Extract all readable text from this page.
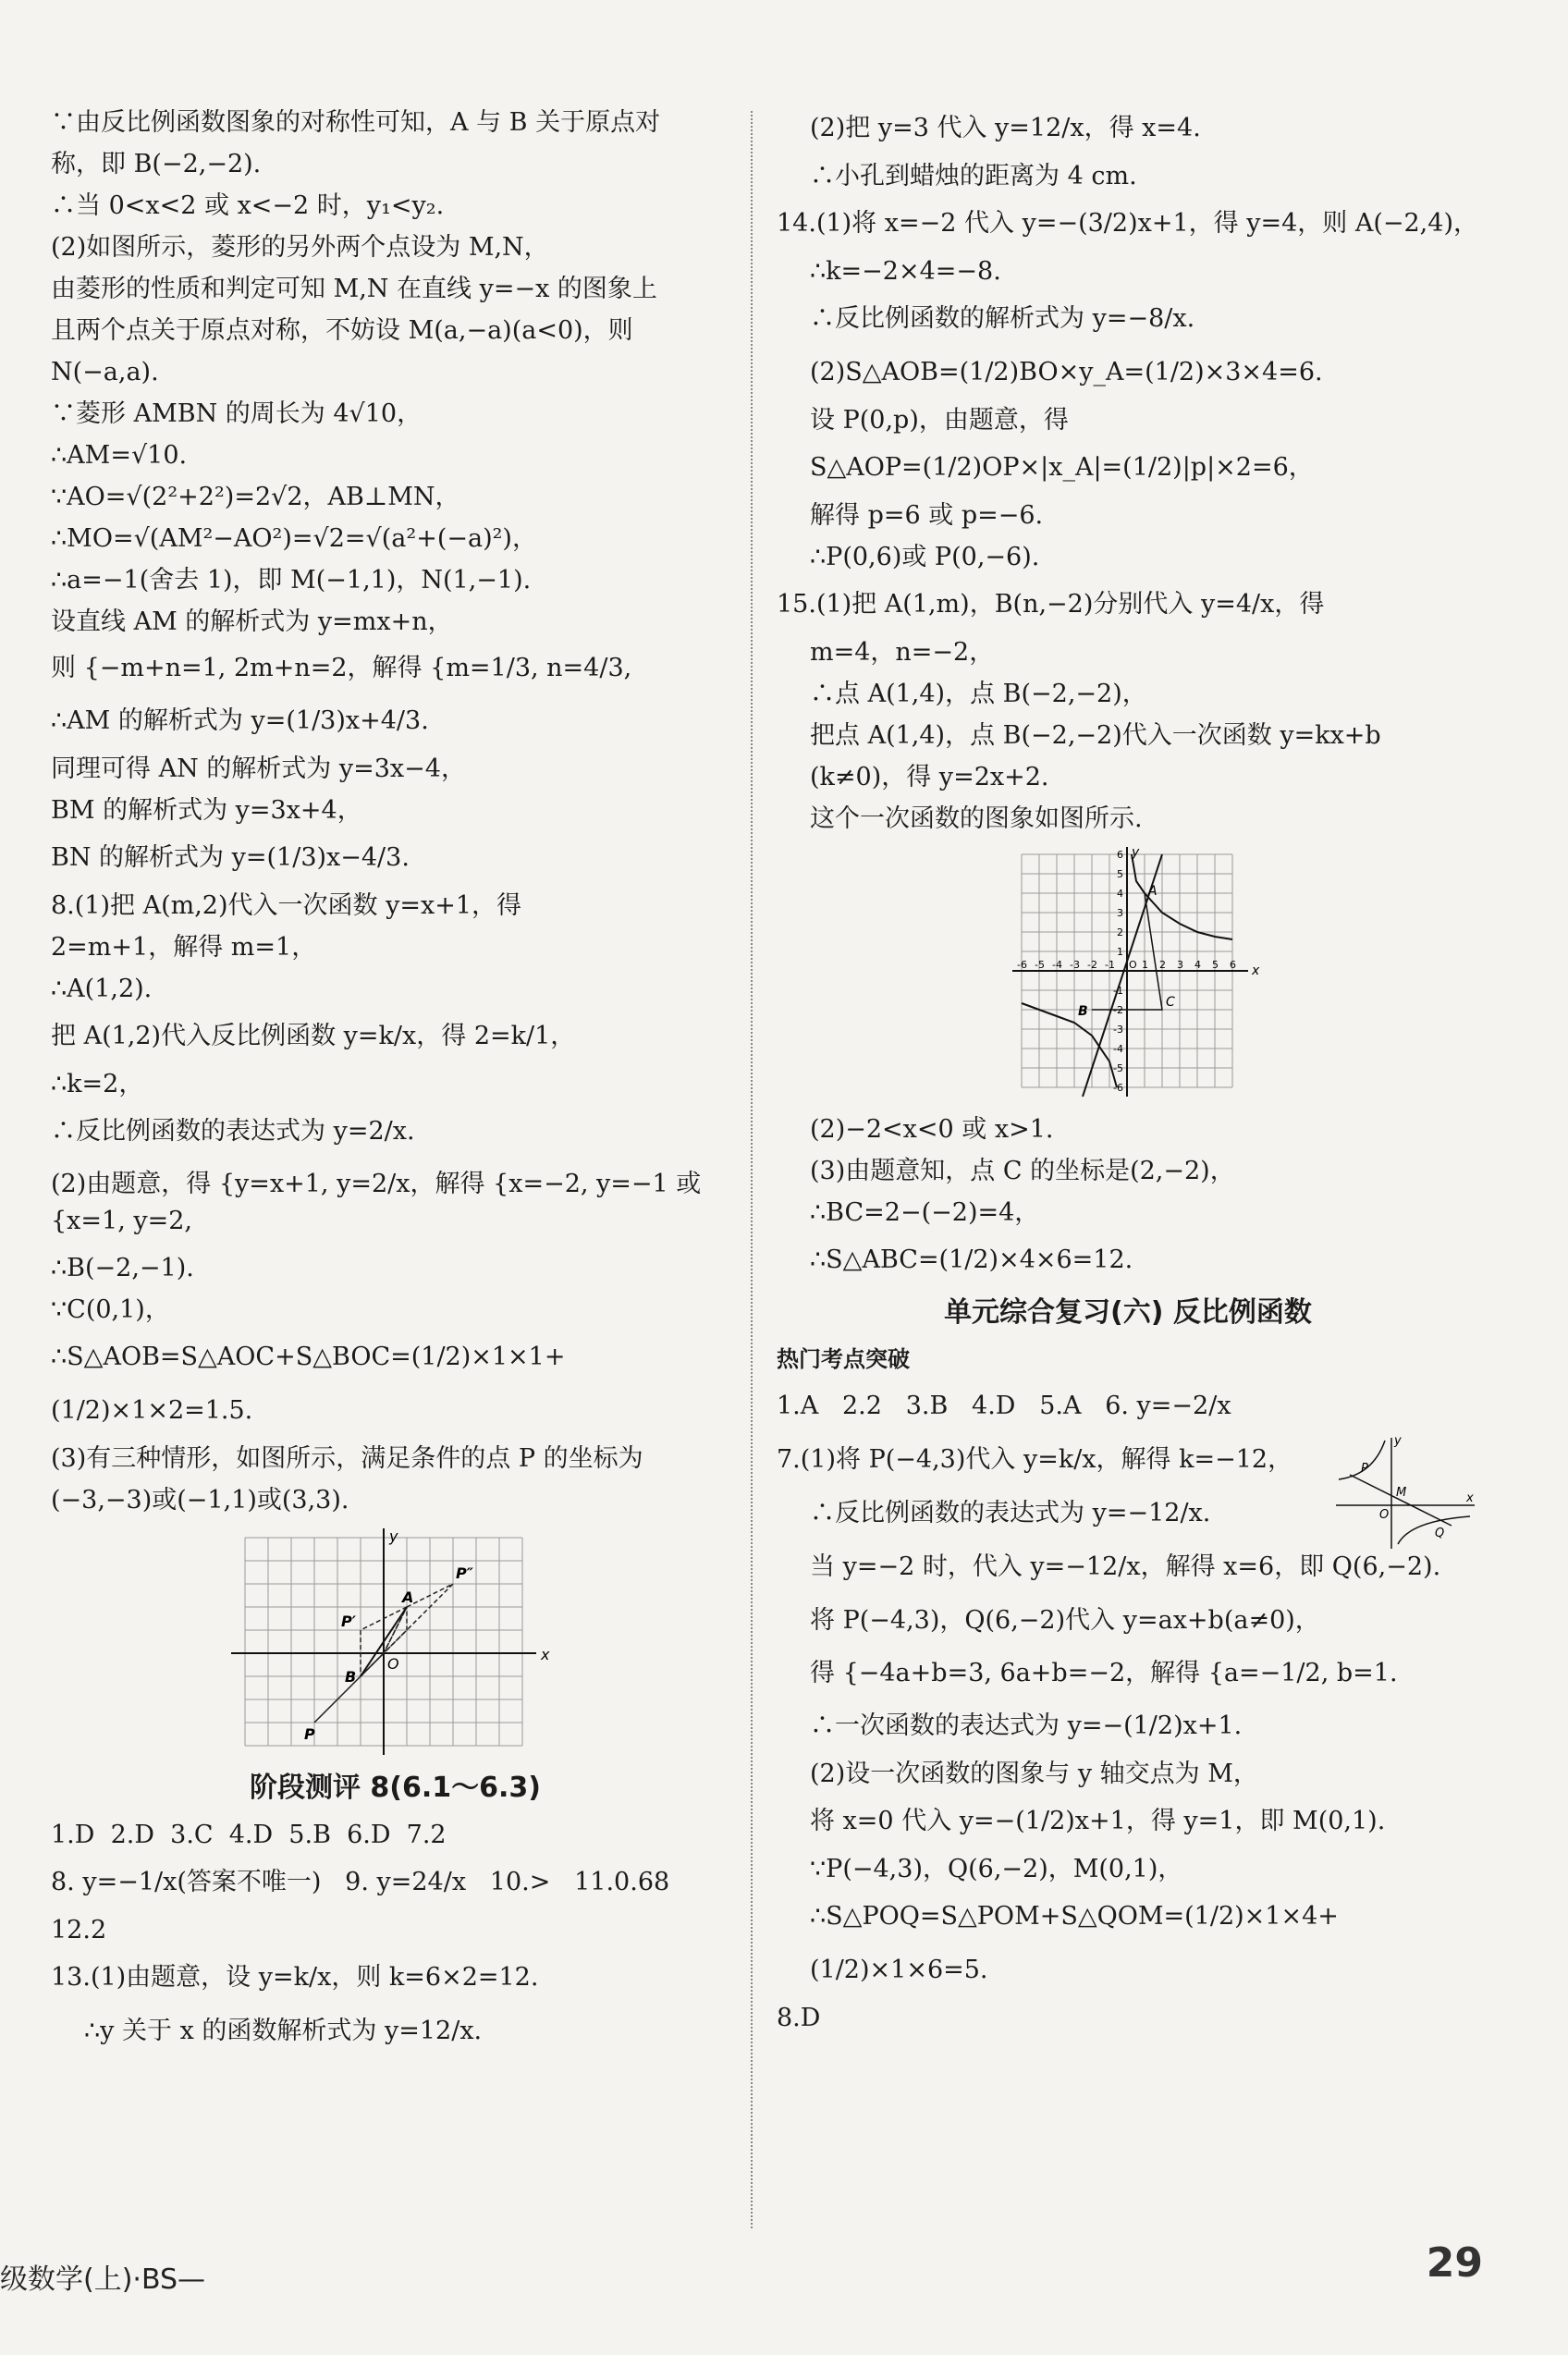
∵由反比例函数图象的对称性可知，A 与 B 关于原点对
称，即 B(−2,−2).
∴当 0<x<2 或 x<−2 时，y₁<y₂.
(2)如图所示，菱形的另外两个点设为 M,N，
由菱形的性质和判定可知 M,N 在直线 y=−x 的图象上
且两个点关于原点对称，不妨设 M(a,−a)(a<0)，则
N(−a,a).
∵菱形 AMBN 的周长为 4√10，
∴AM=√10.
∵AO=√(2²+2²)=2√2，AB⊥MN，
∴MO=√(AM²−AO²)=√2=√(a²+(−a)²)，
∴a=−1(舍去 1)，即 M(−1,1)，N(1,−1).
设直线 AM 的解析式为 y=mx+n，
则 {−m+n=1, 2m+n=2，解得 {m=1/3, n=4/3,
∴AM 的解析式为 y=(1/3)x+4/3.
同理可得 AN 的解析式为 y=3x−4，
BM 的解析式为 y=3x+4，
BN 的解析式为 y=(1/3)x−4/3.
8.(1)把 A(m,2)代入一次函数 y=x+1，得
2=m+1，解得 m=1，
∴A(1,2).
把 A(1,2)代入反比例函数 y=k/x，得 2=k/1，
∴k=2，
∴反比例函数的表达式为 y=2/x.
(2)由题意，得 {y=x+1, y=2/x，解得 {x=−2, y=−1 或 {x=1, y=2,
∴B(−2,−1).
∵C(0,1)，
∴S△AOB=S△AOC+S△BOC=(1/2)×1×1+(1/2)×1×2=1.5.
(3)有三种情形，如图所示，满足条件的点 P 的坐标为
(−3,−3)或(−1,1)或(3,3).
y
x
O
A
B
P
P′
P″
阶段测评 8(6.1～6.3)
1.D  2.D  3.C  4.D  5.B  6.D  7.2
8. y=−1/x(答案不唯一)   9. y=24/x   10.>   11.0.68
12.2
13.(1)由题意，设 y=k/x，则 k=6×2=12.
∴y 关于 x 的函数解析式为 y=12/x.
(2)把 y=3 代入 y=12/x，得 x=4.
∴小孔到蜡烛的距离为 4 cm.
14.(1)将 x=−2 代入 y=−(3/2)x+1，得 y=4，则 A(−2,4)，
∴k=−2×4=−8.
∴反比例函数的解析式为 y=−8/x.
(2)S△AOB=(1/2)BO×y_A=(1/2)×3×4=6.
设 P(0,p)，由题意，得
S△AOP=(1/2)OP×|x_A|=(1/2)|p|×2=6，
解得 p=6 或 p=−6.
∴P(0,6)或 P(0,−6).
15.(1)把 A(1,m)，B(n,−2)分别代入 y=4/x，得
m=4，n=−2，
∴点 A(1,4)，点 B(−2,−2)，
把点 A(1,4)，点 B(−2,−2)代入一次函数 y=kx+b
(k≠0)，得 y=2x+2.
这个一次函数的图象如图所示.
x
y
A
B
C
-6 -5 -4 -3 -2 -1 O 1 2 3 4 5 6
6
5
4
3
2
1
-1
-2
-3
-4
-5
-6
(2)−2<x<0 或 x>1.
(3)由题意知，点 C 的坐标是(2,−2)，
∴BC=2−(−2)=4，
∴S△ABC=(1/2)×4×6=12.
单元综合复习(六) 反比例函数
热门考点突破
1.A   2.2   3.B   4.D   5.A   6. y=−2/x
7.(1)将 P(−4,3)代入 y=k/x，解得 k=−12，
∴反比例函数的表达式为 y=−12/x.
y
x
O
P
M
Q
当 y=−2 时，代入 y=−12/x，解得 x=6，即 Q(6,−2).
将 P(−4,3)，Q(6,−2)代入 y=ax+b(a≠0)，
得 {−4a+b=3, 6a+b=−2，解得 {a=−1/2, b=1.
∴一次函数的表达式为 y=−(1/2)x+1.
(2)设一次函数的图象与 y 轴交点为 M，
将 x=0 代入 y=−(1/2)x+1，得 y=1，即 M(0,1).
∵P(−4,3)，Q(6,−2)，M(0,1)，
∴S△POQ=S△POM+S△QOM=(1/2)×1×4+(1/2)×1×6=5.
8.D
级数学(上)·BS—	29
